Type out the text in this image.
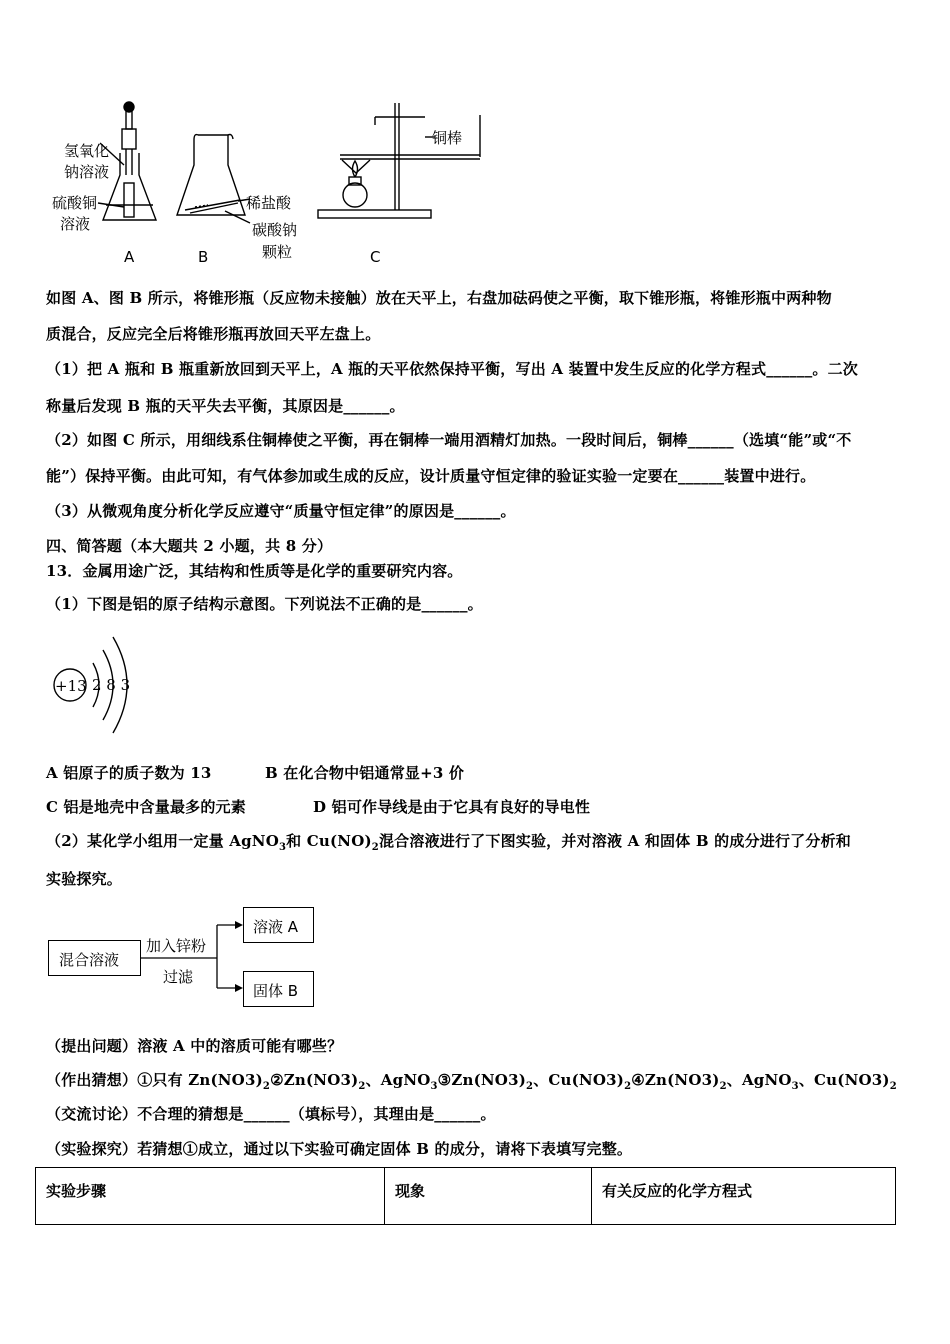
氢氧化
钠溶液
硫酸铜
溶液
稀盐酸
碳酸钠
颗粒
铜棒
A	B	C
如图 A、图 B 所示，将锥形瓶（反应物未接触）放在天平上，右盘加砝码使之平衡，取下锥形瓶，将锥形瓶中两种物
质混合，反应完全后将锥形瓶再放回天平左盘上。
（1）把 A 瓶和 B 瓶重新放回到天平上，A 瓶的天平依然保持平衡，写出 A 装置中发生反应的化学方程式______。二次
称量后发现 B 瓶的天平失去平衡，其原因是______。
（2）如图 C 所示，用细线系住铜棒使之平衡，再在铜棒一端用酒精灯加热。一段时间后，铜棒______（选填“能”或“不
能”）保持平衡。由此可知，有气体参加或生成的反应，设计质量守恒定律的验证实验一定要在______装置中进行。
（3）从微观角度分析化学反应遵守“质量守恒定律”的原因是______。
四、简答题（本大题共 2 小题，共 8 分）
13．金属用途广泛，其结构和性质等是化学的重要研究内容。
（1）下图是铝的原子结构示意图。下列说法不正确的是______。
+13 2 8 3
A 铝原子的质子数为 13	B 在化合物中铝通常显+3 价
C 铝是地壳中含量最多的元素	D 铝可作导线是由于它具有良好的导电性
（2）某化学小组用一定量 AgNO$_3$和 $Cu(NO)_2$混合溶液进行了下图实验，并对溶液 A 和固体 B 的成分进行了分析和
实验探究。
混合溶液
溶液 A
固体 B
加入锌粉
过滤
（提出问题）溶液 A 中的溶质可能有哪些？
（作出猜想）①只有 $Zn(NO3)_2②Zn(NO3)_2$、$AgNO_3③Zn(NO3)_2$、$Cu(NO3)_2④Zn(NO3)_2$、AgNO$_3$、$Cu(NO3)_2$
（交流讨论）不合理的猜想是______（填标号），其理由是______。
（实验探究）若猜想①成立，通过以下实验可确定固体 B 的成分，请将下表填写完整。
实验步骤	现象	有关反应的化学方程式
